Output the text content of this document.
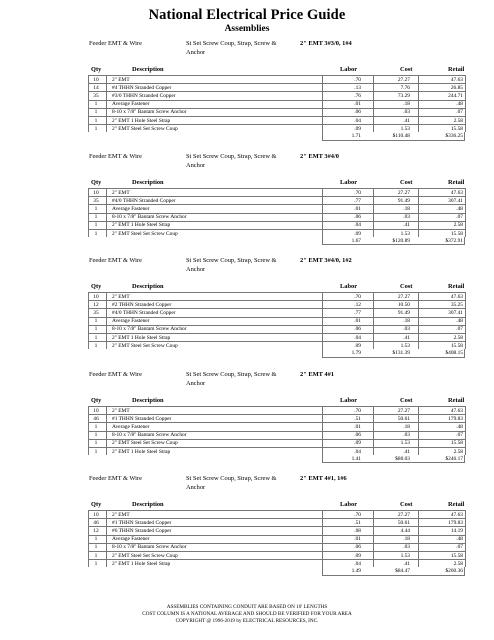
National Electrical Price Guide
Assemblies
Feeder EMT & Wire	St Set Screw Coup, Strap, Screw & Anchor
2" EMT 3#3/0, 1#4
Qty	Description	Labor	Cost	Retail
10	2" EMT	.70	27.27	47.63
14	#4 THHN Stranded Copper	.13	7.76	26.85
35	#3/0 THHN Stranded Copper	.76	73.29	244.71
1	Average Fastener	.01	.18	.48
1	8-10 x 7/8" Bantam Screw Anchor	.06	.03	.07
1	2" EMT 1 Hole Steel Strap	.04	.41	2.58
1	2" EMT Steel Set Screw Coup	.09	1.53	15.58
1.71	$110.48	$336.25
Feeder EMT & Wire	St Set Screw Coup, Strap, Screw & Anchor
2" EMT 3#4/0
Qty	Description	Labor	Cost	Retail
10	2" EMT	.70	27.27	47.63
35	#4/0 THHN Stranded Copper	.77	91.49	307.41
1	Average Fastener	.01	.18	.48
1	8-10 x 7/8" Bantam Screw Anchor	.06	.03	.07
1	2" EMT 1 Hole Steel Strap	.04	.41	2.58
1	2" EMT Steel Set Screw Coup	.09	1.53	15.58
1.67	$120.89	$372.91
Feeder EMT & Wire	St Set Screw Coup, Strap, Screw & Anchor
2" EMT 3#4/0, 1#2
Qty	Description	Labor	Cost	Retail
10	2" EMT	.70	27.27	47.63
12	#2 THHN Stranded Copper	.12	10.50	35.25
35	#4/0 THHN Stranded Copper	.77	91.49	307.41
1	Average Fastener	.01	.18	.48
1	8-10 x 7/8" Bantam Screw Anchor	.06	.03	.07
1	2" EMT 1 Hole Steel Strap	.04	.41	2.58
1	2" EMT Steel Set Screw Coup	.09	1.53	15.58
1.79	$131.39	$408.15
Feeder EMT & Wire	St Set Screw Coup, Strap, Screw & Anchor
2" EMT 4#1
Qty	Description	Labor	Cost	Retail
10	2" EMT	.70	27.27	47.63
46	#1 THHN Stranded Copper	.51	50.61	179.83
1	Average Fastener	.01	.18	.48
1	8-10 x 7/8" Bantam Screw Anchor	.06	.03	.07
1	2" EMT Steel Set Screw Coup	.09	1.53	15.58
1	2" EMT 1 Hole Steel Strap	.04	.41	2.58
1.41	$80.03	$246.17
Feeder EMT & Wire	St Set Screw Coup, Strap, Screw & Anchor
2" EMT 4#1, 1#6
Qty	Description	Labor	Cost	Retail
10	2" EMT	.70	27.27	47.63
46	#1 THHN Stranded Copper	.51	50.61	179.83
12	#6 THHN Stranded Copper	.08	4.44	14.19
1	Average Fastener	.01	.18	.48
1	8-10 x 7/8" Bantam Screw Anchor	.06	.03	.07
1	2" EMT Steel Set Screw Coup	.09	1.53	15.58
1	2" EMT 1 Hole Steel Strap	.04	.41	2.58
1.49	$84.47	$260.36
ASSEMBLIES CONTAINING CONDUIT ARE BASED ON 10' LENGTHS
COST COLUMN IS A NATIONAL AVERAGE AND SHOULD BE VERIFIED FOR YOUR AREA
COPYRIGHT @ 1996-2019 by ELECTRICAL RESOURCES, INC.
